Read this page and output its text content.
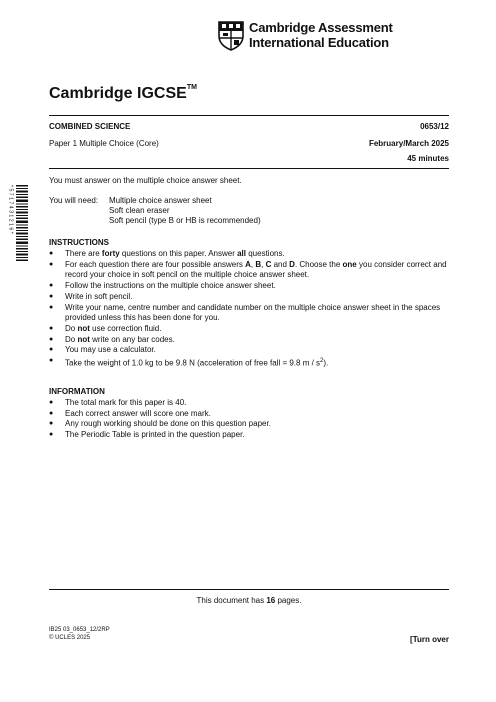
Cambridge Assessment
International Education
Cambridge IGCSE™
COMBINED SCIENCE	0653/12
Paper 1 Multiple Choice (Core)	February/March 2025
45 minutes
* 5 7 1 7 4 3 1 2 1 6 *
You must answer on the multiple choice answer sheet.
You will need: Multiple choice answer sheet
Soft clean eraser
Soft pencil (type B or HB is recommended)
INSTRUCTIONS
● There are forty questions on this paper. Answer all questions.
● For each question there are four possible answers A, B, C and D. Choose the one you consider correct and record your choice in soft pencil on the multiple choice answer sheet.
● Follow the instructions on the multiple choice answer sheet.
● Write in soft pencil.
● Write your name, centre number and candidate number on the multiple choice answer sheet in the spaces provided unless this has been done for you.
● Do not use correction fluid.
● Do not write on any bar codes.
● You may use a calculator.
● Take the weight of 1.0 kg to be 9.8 N (acceleration of free fall = 9.8 m / $s^2$).
INFORMATION
● The total mark for this paper is 40.
● Each correct answer will score one mark.
● Any rough working should be done on this question paper.
● The Periodic Table is printed in the question paper.
This document has 16 pages.
IB25 03_0653_12/2RP
© UCLES 2025	[Turn over
